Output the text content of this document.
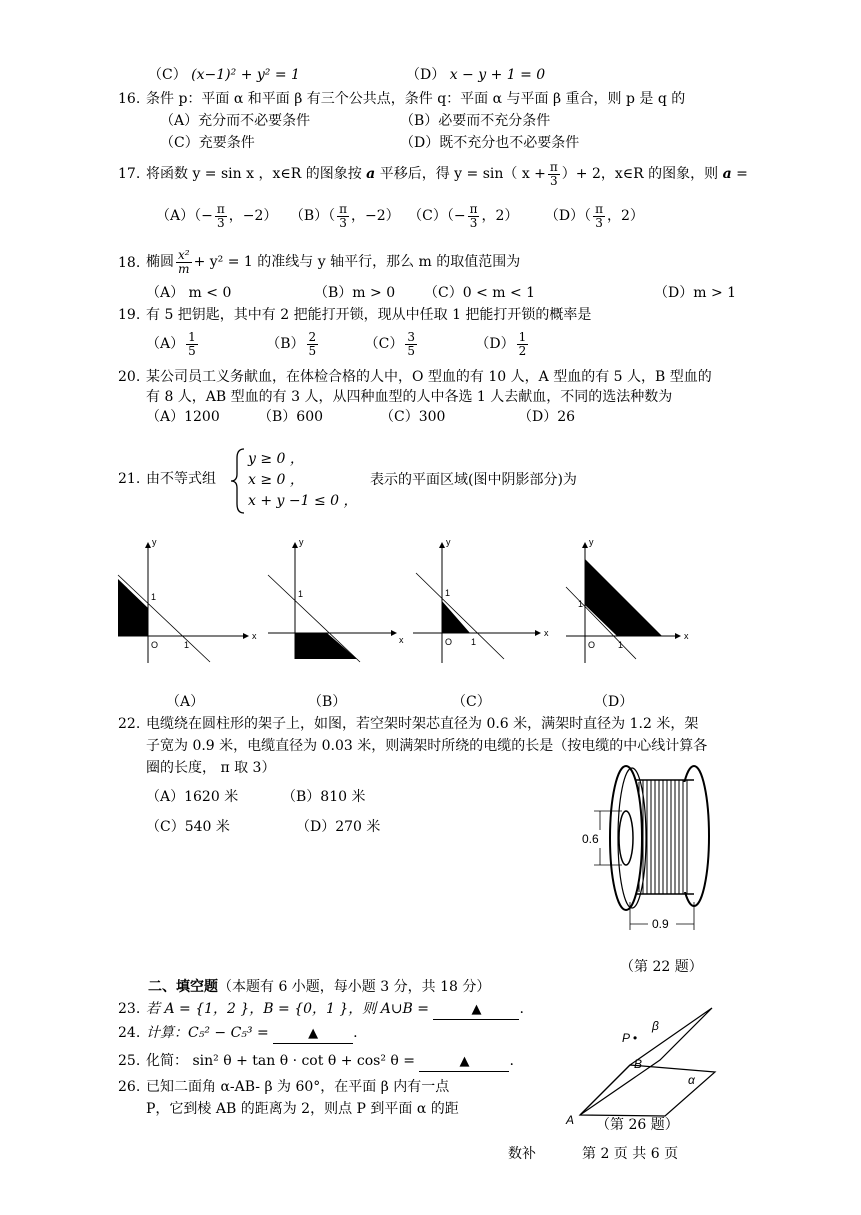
（C） (x−1)² + y² = 1	（D） x − y + 1 = 0
16. 条件 p：平面 α 和平面 β 有三个公共点，条件 q：平面 α 与平面 β 重合，则 p 是 q 的
（A）充分而不必要条件	（B）必要而不充分条件
（C）充要条件	（D）既不充分也不必要条件
17. 将函数 y = sin x ，x∈R 的图象按 a 平移后，得 y = sin（ $x + \frac{\pi}{3}$ ）+ 2，x∈R 的图象，则 a =
$(A)(- \frac{\pi}{3}$ ，−2） $(B)( \frac{\pi}{3}$ ，−2） $(C)(- \frac{\pi}{3}$ ，2） $(D)( \frac{\pi}{3}$ ，2）
18. 椭圆 $\frac{\text{x²}}{m} + y^2 = 1$ 的准线与 y 轴平行，那么 m 的取值范围为
（A） m < 0	（B）m > 0 （C）0 < m < 1	（D）m > 1
19. 有 5 把钥匙，其中有 2 把能打开锁，现从中任取 1 把能打开锁的概率是
$(A) \frac{1}{5}$	$(B) \frac{2}{5}$	$(C) \frac{3}{5}$	$(D) \frac{1}{2}$
20. 某公司员工义务献血，在体检合格的人中，O 型血的有 10 人，A 型血的有 5 人，B 型血的
有 8 人，AB 型血的有 3 人，从四种血型的人中各选 1 人去献血，不同的选法种数为
（A）1200	（B）600	（C）300	（D）26
21. 由不等式组
y ≥ 0 ，
x ≥ 0 ，
x + y −1 ≤ 0 ，
表示的平面区域(图中阴影部分)为
y
x
O
1
1
y
x
1
y
x
O
1
1
y
x
O
1
1
（A）	（B）	（C）	（D）
22. 电缆绕在圆柱形的架子上，如图，若空架时架芯直径为 0.6 米，满架时直径为 1.2 米，架
子宽为 0.9 米，电缆直径为 0.03 米，则满架时所绕的电缆的长是（按电缆的中心线计算各
圈的长度， π 取 3）
（A）1620 米	（B）810 米
（C）540 米	（D）270 米
0.6
0.9
（第 22 题）
二、填空题（本题有 6 小题，每小题 3 分，共 18 分）
23. 若 A = {1，2 }，B = {0，1 }，则 A∪B =	▲	.
24. 计算：C₅² − C₅³ =	▲	.
25. 化简： sin² θ + tan θ · cot θ + cos² θ =	▲	.
26. 已知二面角 α-AB- β 为 60°，在平面 β 内有一点
P，它到棱 AB 的距离为 2，则点 P 到平面 α 的距
β
P •
B
α
A （第 26 题）
数补	第 2 页 共 6 页
